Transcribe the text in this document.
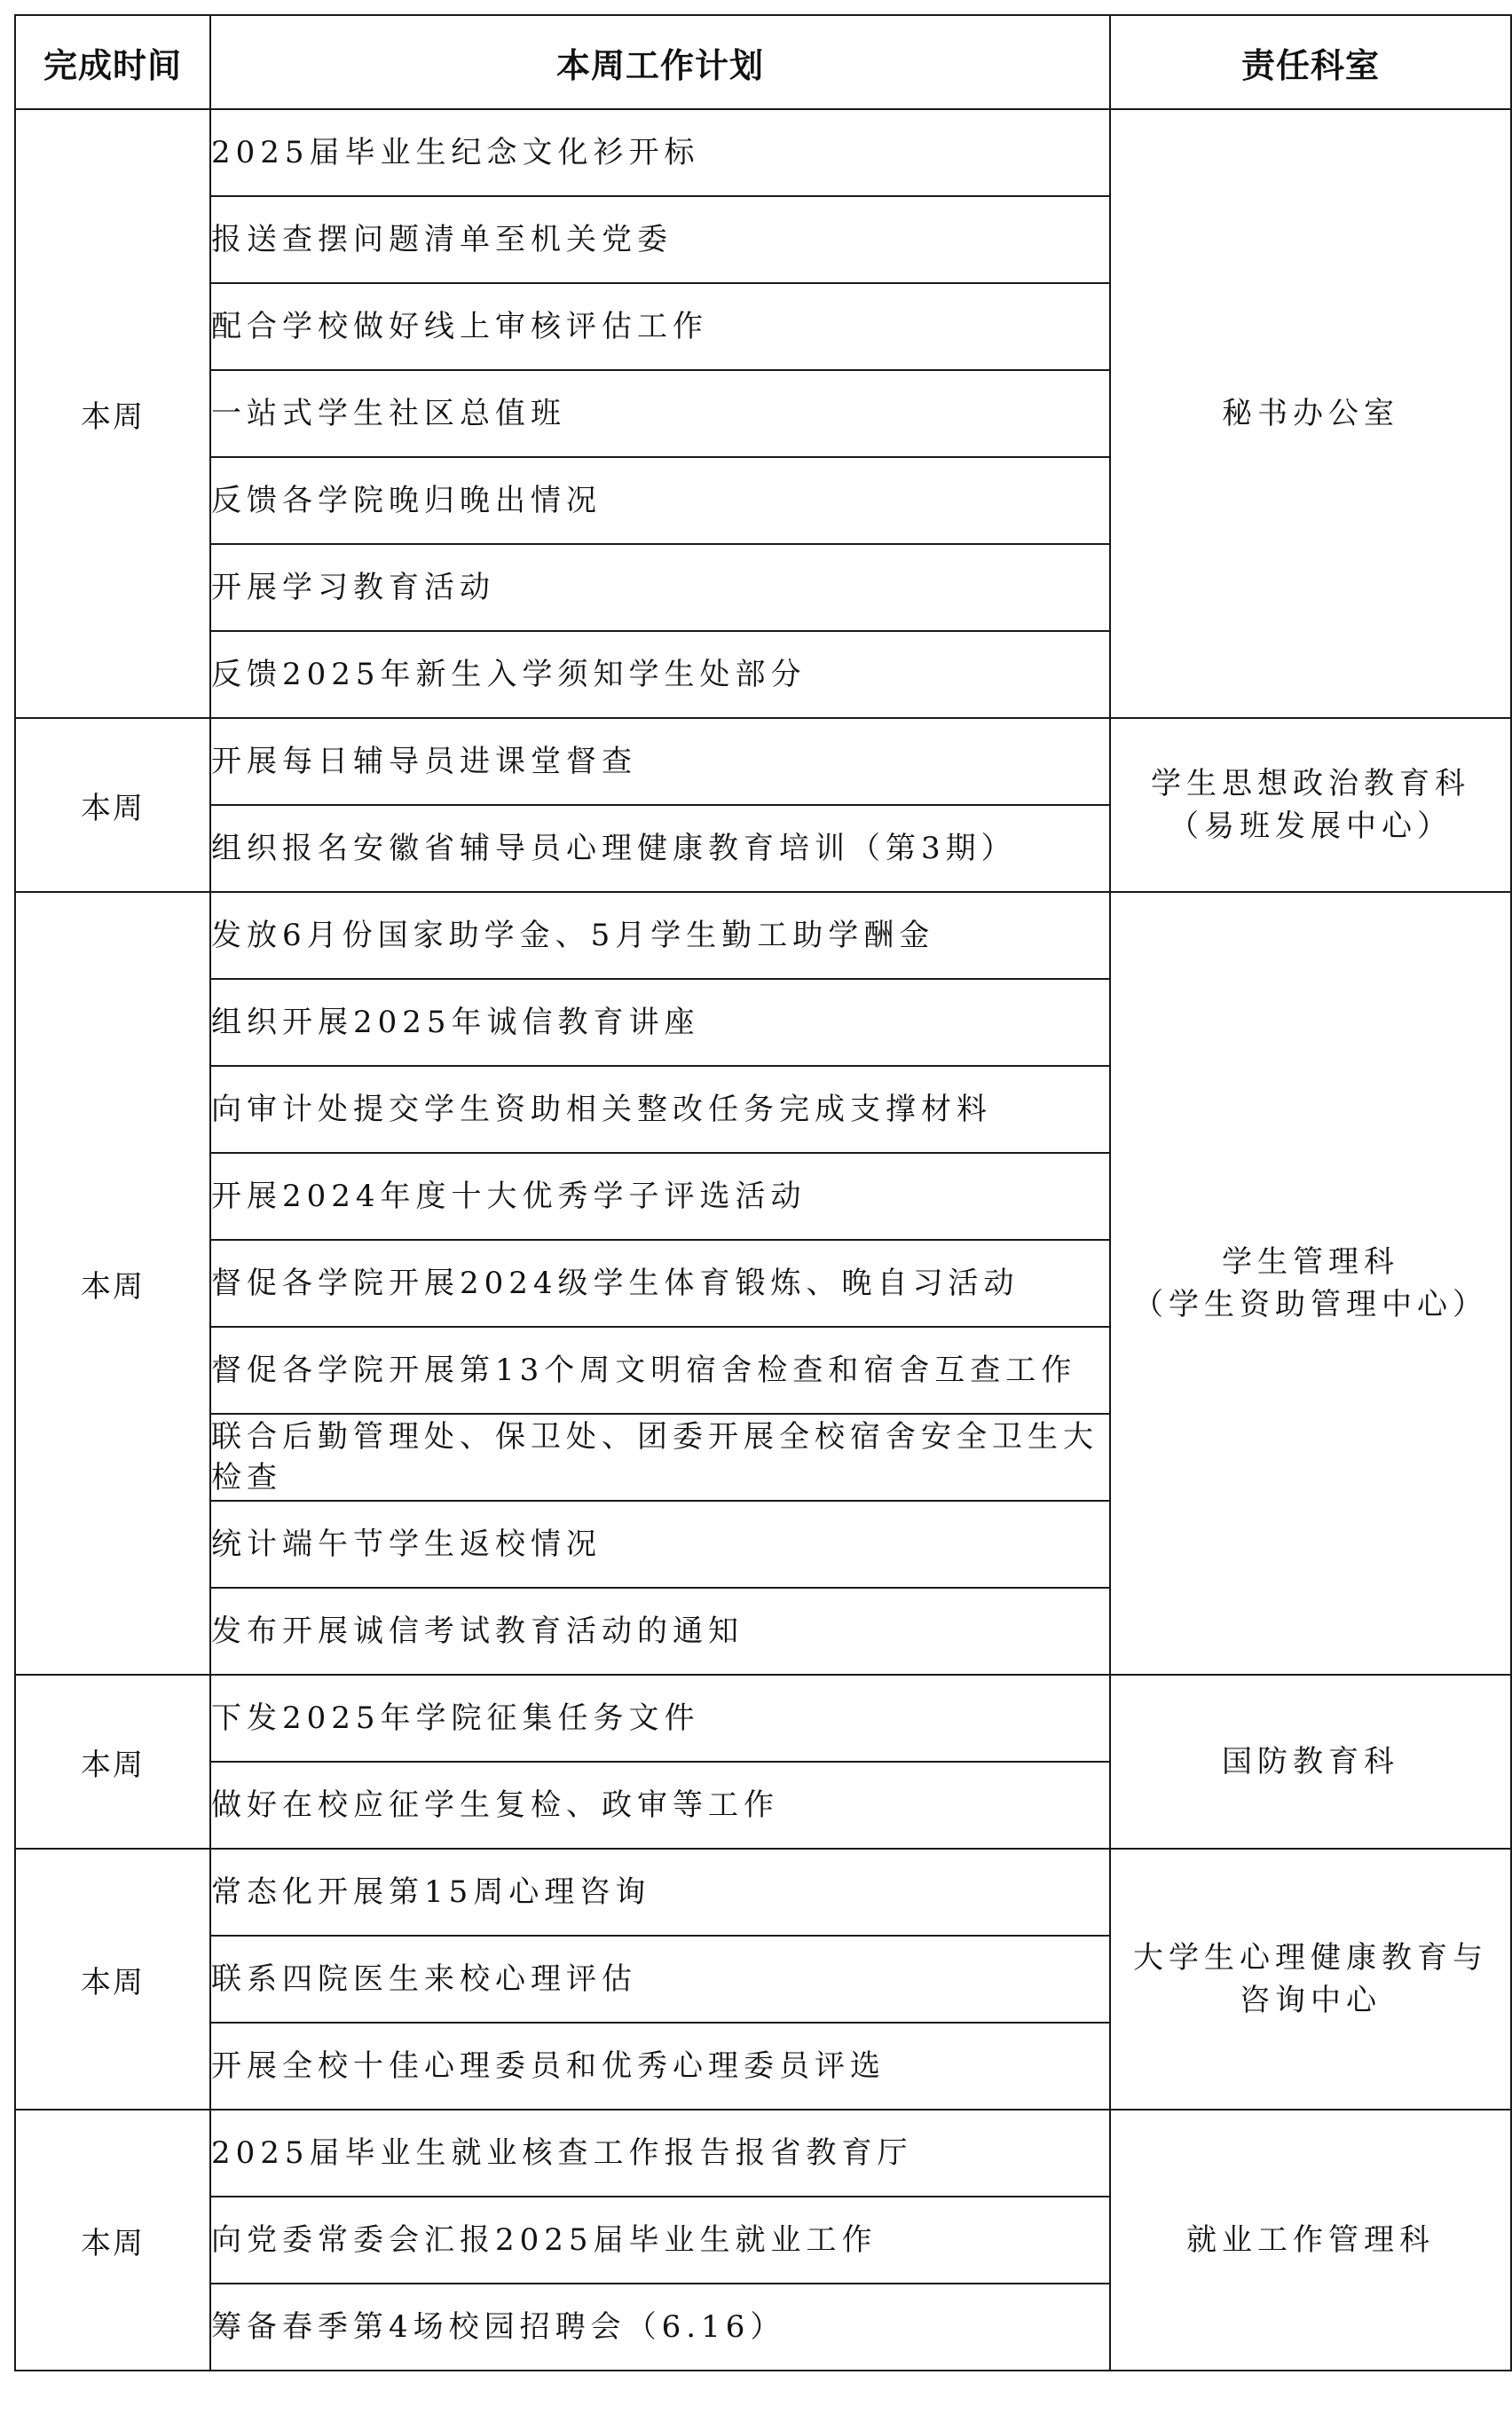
完成时间	本周工作计划	责任科室
本周	2025届毕业生纪念文化衫开标	秘书办公室

	报送查摆问题清单至机关党委	
	配合学校做好线上审核评估工作	
	一站式学生社区总值班	
	反馈各学院晚归晚出情况	
	开展学习教育活动	
	反馈2025年新生入学须知学生处部分	
本周	开展每日辅导员进课堂督查	学生思想政治教育科
（易班发展中心）

	组织报名安徽省辅导员心理健康教育培训（第3期）	
本周	发放6月份国家助学金、5月学生勤工助学酬金	学生管理科
（学生资助管理中心）

	组织开展2025年诚信教育讲座	
	向审计处提交学生资助相关整改任务完成支撑材料	
	开展2024年度十大优秀学子评选活动	
	督促各学院开展2024级学生体育锻炼、晚自习活动	
	督促各学院开展第13个周文明宿舍检查和宿舍互查工作	
	联合后勤管理处、保卫处、团委开展全校宿舍安全卫生大检查	
	统计端午节学生返校情况	
	发布开展诚信考试教育活动的通知	
本周	下发2025年学院征集任务文件	国防教育科

	做好在校应征学生复检、政审等工作	
本周	常态化开展第15周心理咨询	大学生心理健康教育与
咨询中心

	联系四院医生来校心理评估	
	开展全校十佳心理委员和优秀心理委员评选	
本周	2025届毕业生就业核查工作报告报省教育厅	就业工作管理科

	向党委常委会汇报2025届毕业生就业工作	
	筹备春季第4场校园招聘会（6.16）	
